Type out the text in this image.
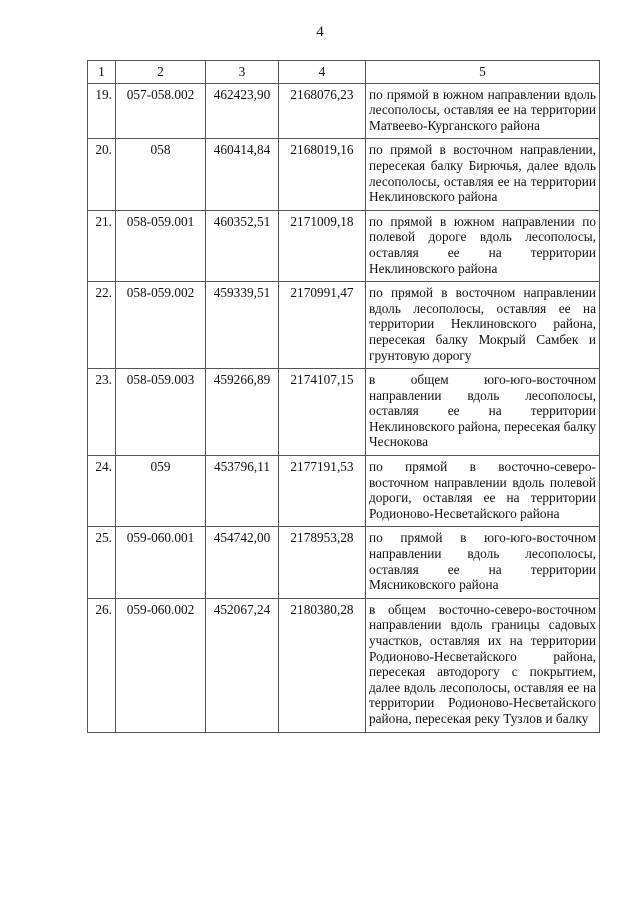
4
1	2	3	4	5
19.	057-058.002	462423,90	2168076,23	по прямой в южном направлении вдоль лесополосы, оставляя ее на территории Матвеево-Курганского района
20.	058	460414,84	2168019,16	по прямой в восточном направлении, пересекая балку Бирючья, далее вдоль лесополосы, оставляя ее на территории Неклиновского района
21.	058-059.001	460352,51	2171009,18	по прямой в южном направлении по полевой дороге вдоль лесополосы, оставляя ее на территории Неклиновского района
22.	058-059.002	459339,51	2170991,47	по прямой в восточном направлении вдоль лесополосы, оставляя ее на территории Неклиновского района, пересекая балку Мокрый Самбек и грунтовую дорогу
23.	058-059.003	459266,89	2174107,15	в общем юго-юго-восточном направлении вдоль лесополосы, оставляя ее на территории Неклиновского района, пересекая балку Чеснокова
24.	059	453796,11	2177191,53	по прямой в восточно-северо-восточном направлении вдоль полевой дороги, оставляя ее на территории Родионово-Несветайского района
25.	059-060.001	454742,00	2178953,28	по прямой в юго-юго-восточном направлении вдоль лесополосы, оставляя ее на территории Мясниковского района
26.	059-060.002	452067,24	2180380,28	в общем восточно-северо-восточном направлении вдоль границы садовых участков, оставляя их на территории Родионово-Несветайского района, пересекая автодорогу с покрытием, далее вдоль лесополосы, оставляя ее на территории Родионово-Несветайского района, пересекая реку Тузлов и балку
